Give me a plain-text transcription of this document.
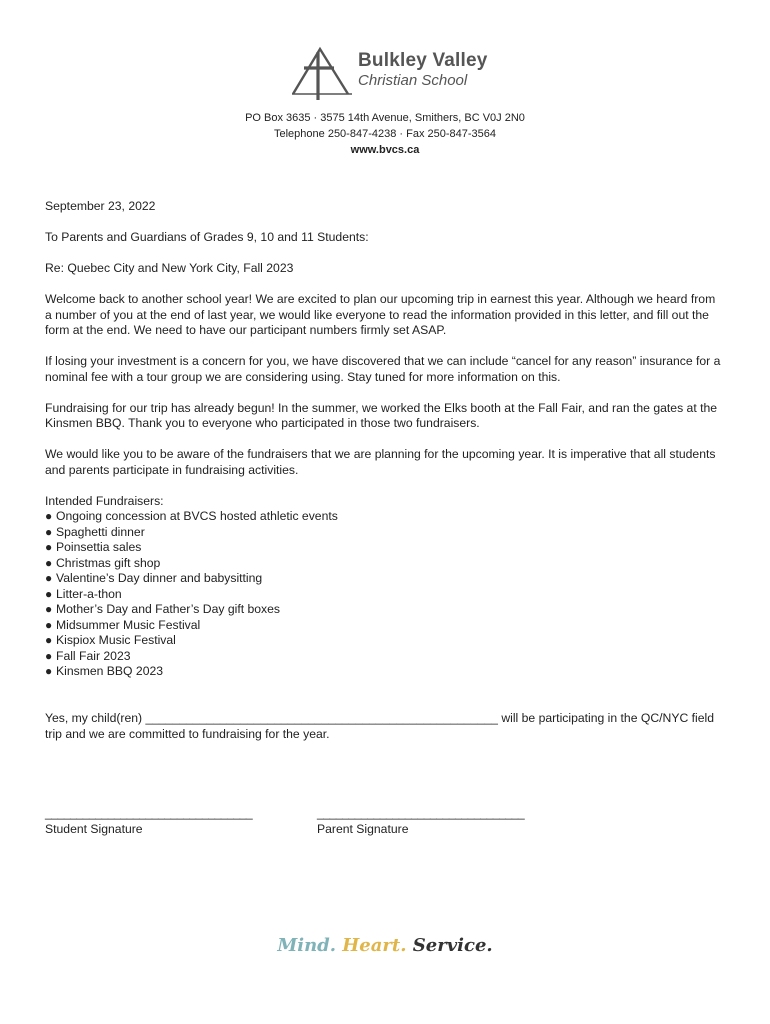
Bulkley Valley
Christian School
PO Box 3635 · 3575 14th Avenue, Smithers, BC V0J 2N0
Telephone 250-847-4238 · Fax 250-847-3564
www.bvcs.ca

September 23, 2022

To Parents and Guardians of Grades 9, 10 and 11 Students:

Re: Quebec City and New York City, Fall 2023

Welcome back to another school year! We are excited to plan our upcoming trip in earnest this year. Although we heard from a number of you at the end of last year, we would like everyone to read the information provided in this letter, and fill out the form at the end. We need to have our participant numbers firmly set ASAP.

If losing your investment is a concern for you, we have discovered that we can include “cancel for any reason” insurance for a nominal fee with a tour group we are considering using. Stay tuned for more information on this.

Fundraising for our trip has already begun! In the summer, we worked the Elks booth at the Fall Fair, and ran the gates at the Kinsmen BBQ. Thank you to everyone who participated in those two fundraisers.

We would like you to be aware of the fundraisers that we are planning for the upcoming year. It is imperative that all students and parents participate in fundraising activities.

Intended Fundraisers:
● Ongoing concession at BVCS hosted athletic events
● Spaghetti dinner
● Poinsettia sales
● Christmas gift shop
● Valentine’s Day dinner and babysitting
● Litter-a-thon
● Mother’s Day and Father’s Day gift boxes
● Midsummer Music Festival
● Kispiox Music Festival
● Fall Fair 2023
● Kinsmen BBQ 2023
Yes, my child(ren) ____________________________________________________ will be participating in the QC/NYC field trip and we are committed to fundraising for the year.
_________________________________
Student Signature
_________________________________
Parent Signature
Mind. Heart. Service.
